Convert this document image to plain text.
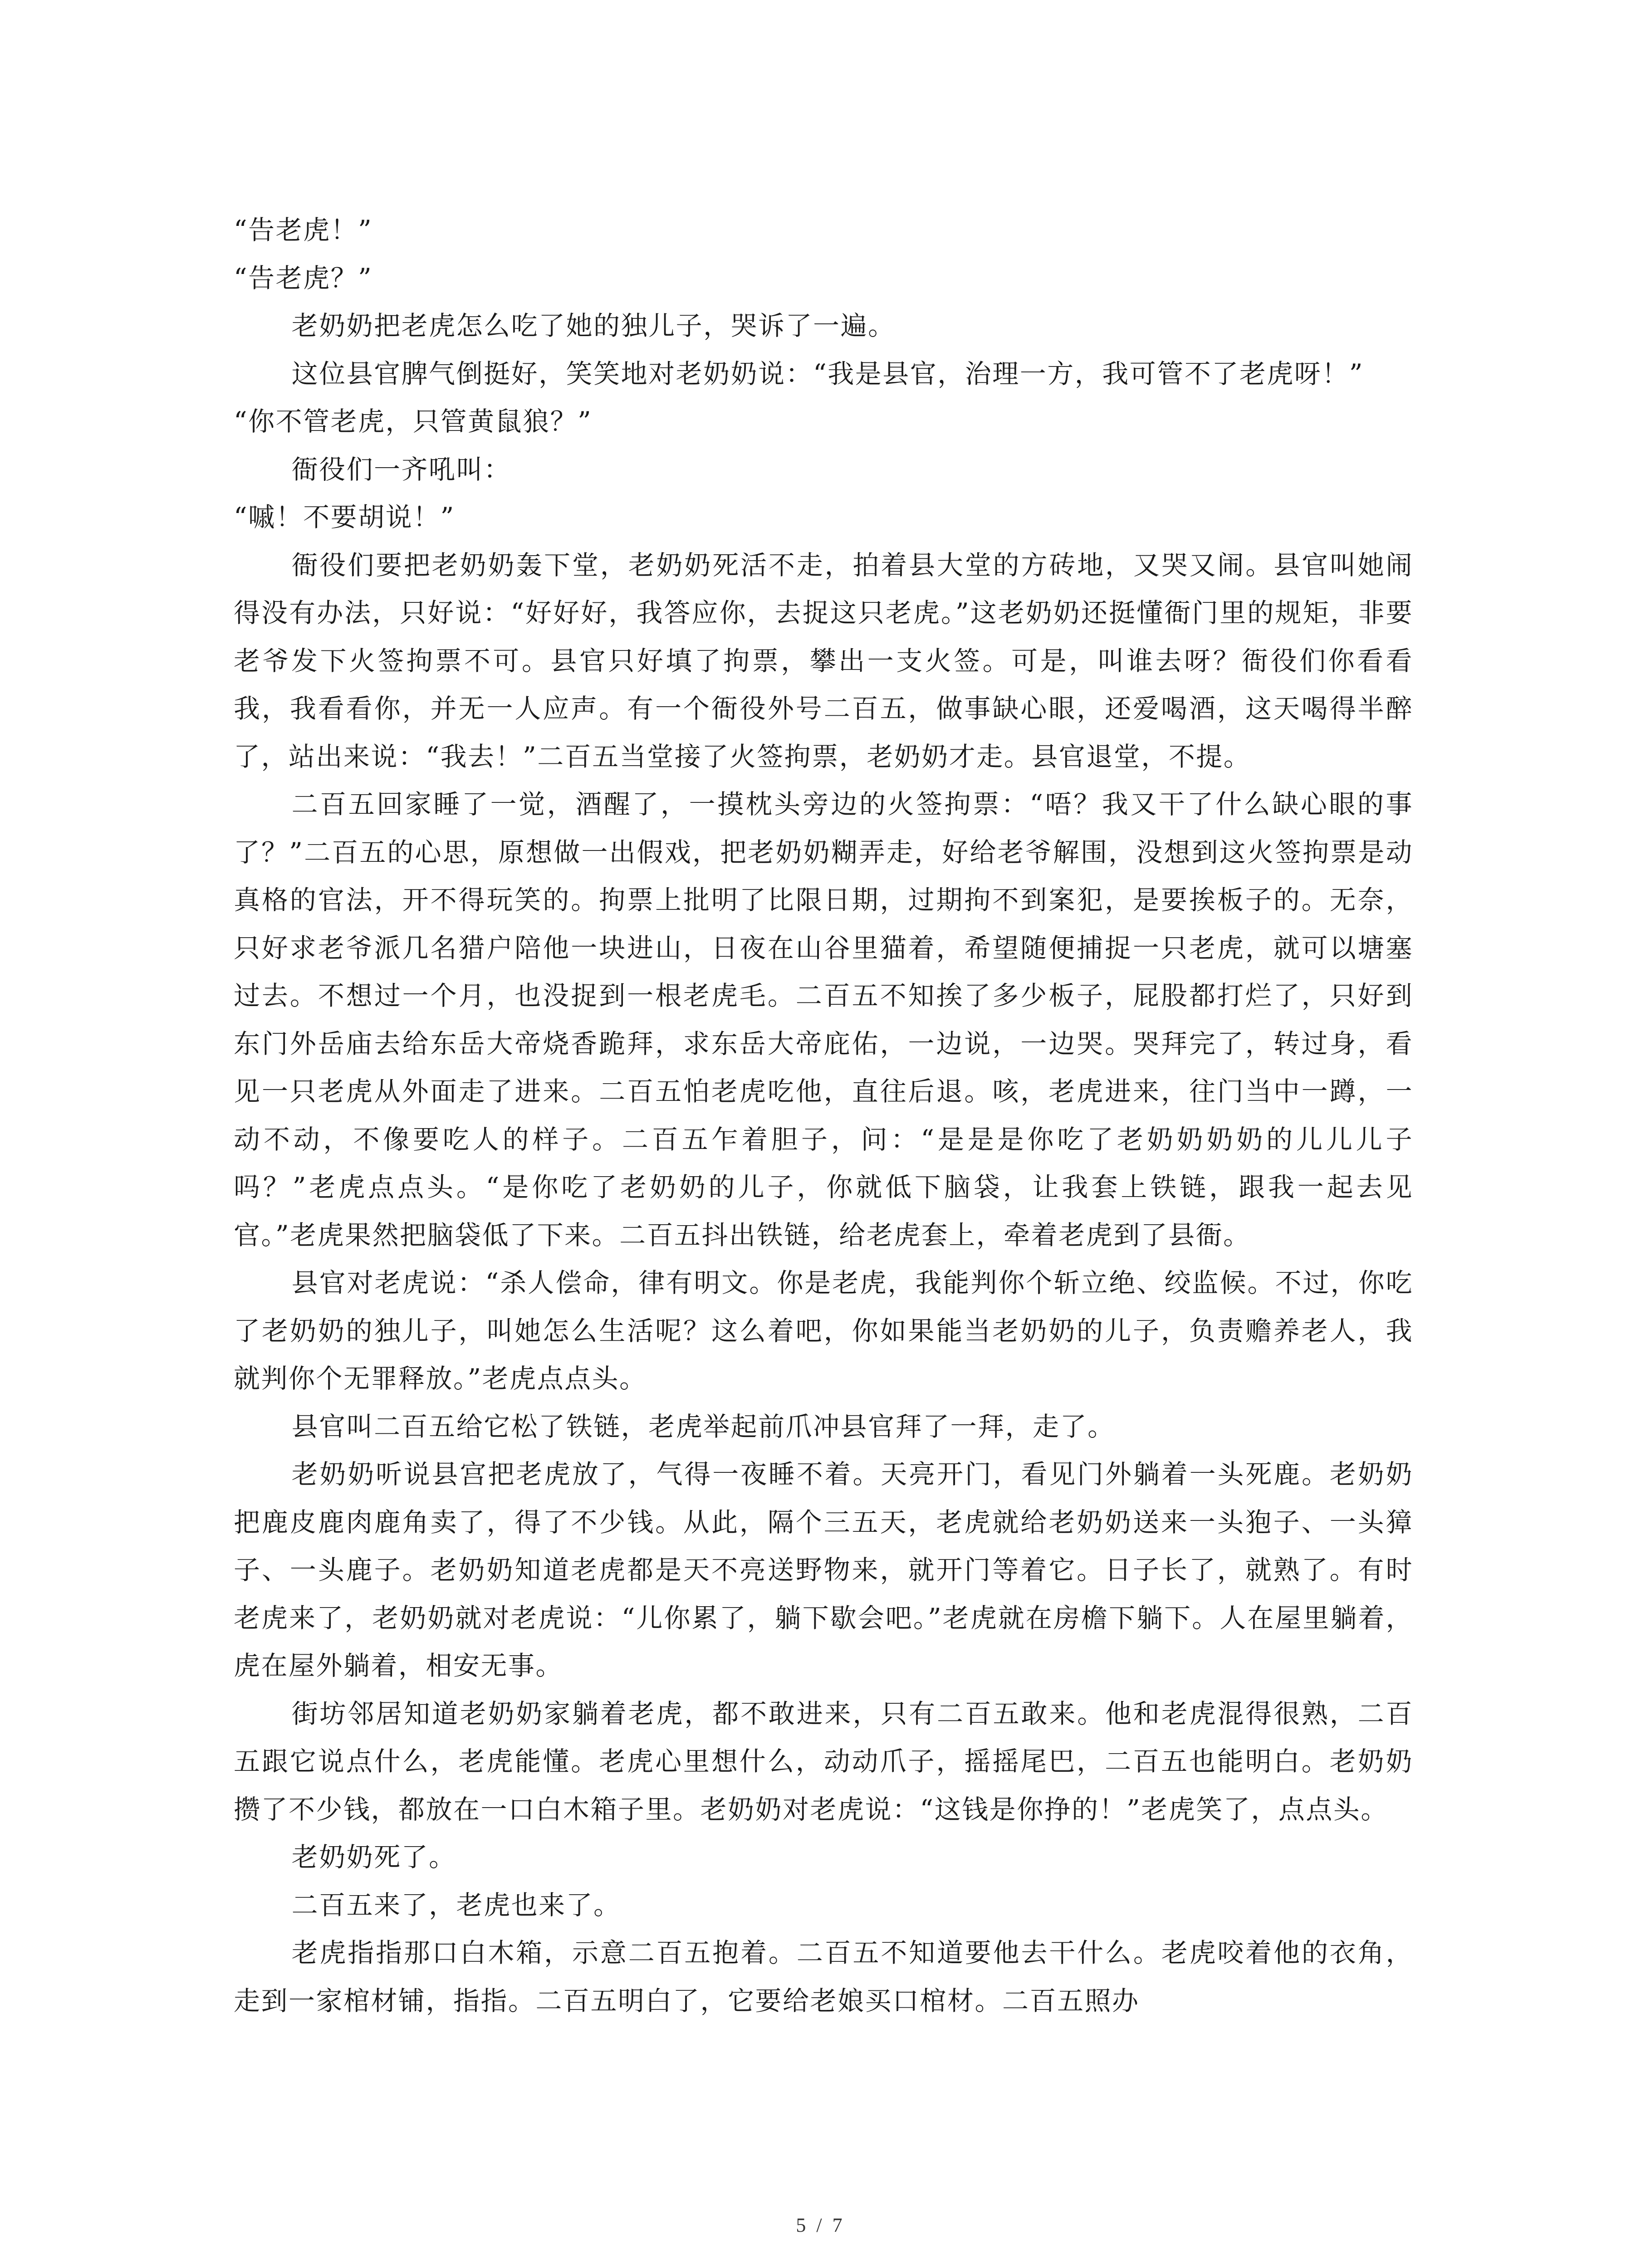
“告老虎！”

“告老虎？”

老奶奶把老虎怎么吃了她的独儿子，哭诉了一遍。

这位县官脾气倒挺好，笑笑地对老奶奶说：“我是县官，治理一方，我可管不了老虎呀！”

“你不管老虎，只管黄鼠狼？”

衙役们一齐吼叫：

“嘁！不要胡说！”

衙役们要把老奶奶轰下堂，老奶奶死活不走，拍着县大堂的方砖地，又哭又闹。县官叫她闹得没有办法，只好说：“好好好，我答应你，去捉这只老虎。”这老奶奶还挺懂衙门里的规矩，非要老爷发下火签拘票不可。县官只好填了拘票，攀出一支火签。可是，叫谁去呀？衙役们你看看我，我看看你，并无一人应声。有一个衙役外号二百五，做事缺心眼，还爱喝酒，这天喝得半醉了，站出来说：“我去！”二百五当堂接了火签拘票，老奶奶才走。县官退堂，不提。

二百五回家睡了一觉，酒醒了，一摸枕头旁边的火签拘票：“唔？我又干了什么缺心眼的事了？”二百五的心思，原想做一出假戏，把老奶奶糊弄走，好给老爷解围，没想到这火签拘票是动真格的官法，开不得玩笑的。拘票上批明了比限日期，过期拘不到案犯，是要挨板子的。无奈，只好求老爷派几名猎户陪他一块进山，日夜在山谷里猫着，希望随便捕捉一只老虎，就可以塘塞过去。不想过一个月，也没捉到一根老虎毛。二百五不知挨了多少板子，屁股都打烂了，只好到东门外岳庙去给东岳大帝烧香跪拜，求东岳大帝庇佑，一边说，一边哭。哭拜完了，转过身，看见一只老虎从外面走了进来。二百五怕老虎吃他，直往后退。咳，老虎进来，往门当中一蹲，一动不动，不像要吃人的样子。二百五乍着胆子，问：“是是是你吃了老奶奶奶奶的儿儿儿子吗？”老虎点点头。“是你吃了老奶奶的儿子，你就低下脑袋，让我套上铁链，跟我一起去见官。”老虎果然把脑袋低了下来。二百五抖出铁链，给老虎套上，牵着老虎到了县衙。

县官对老虎说：“杀人偿命，律有明文。你是老虎，我能判你个斩立绝、绞监候。不过，你吃了老奶奶的独儿子，叫她怎么生活呢？这么着吧，你如果能当老奶奶的儿子，负责赡养老人，我就判你个无罪释放。”老虎点点头。

县官叫二百五给它松了铁链，老虎举起前爪冲县官拜了一拜，走了。

老奶奶听说县宫把老虎放了，气得一夜睡不着。天亮开门，看见门外躺着一头死鹿。老奶奶把鹿皮鹿肉鹿角卖了，得了不少钱。从此，隔个三五天，老虎就给老奶奶送来一头狍子、一头獐子、一头鹿子。老奶奶知道老虎都是天不亮送野物来，就开门等着它。日子长了，就熟了。有时老虎来了，老奶奶就对老虎说：“儿你累了，躺下歇会吧。”老虎就在房檐下躺下。人在屋里躺着，虎在屋外躺着，相安无事。

街坊邻居知道老奶奶家躺着老虎，都不敢进来，只有二百五敢来。他和老虎混得很熟，二百五跟它说点什么，老虎能懂。老虎心里想什么，动动爪子，摇摇尾巴，二百五也能明白。老奶奶攒了不少钱，都放在一口白木箱子里。老奶奶对老虎说：“这钱是你挣的！”老虎笑了，点点头。

老奶奶死了。

二百五来了，老虎也来了。

老虎指指那口白木箱，示意二百五抱着。二百五不知道要他去干什么。老虎咬着他的衣角，走到一家棺材铺，指指。二百五明白了，它要给老娘买口棺材。二百五照办

5 / 7
